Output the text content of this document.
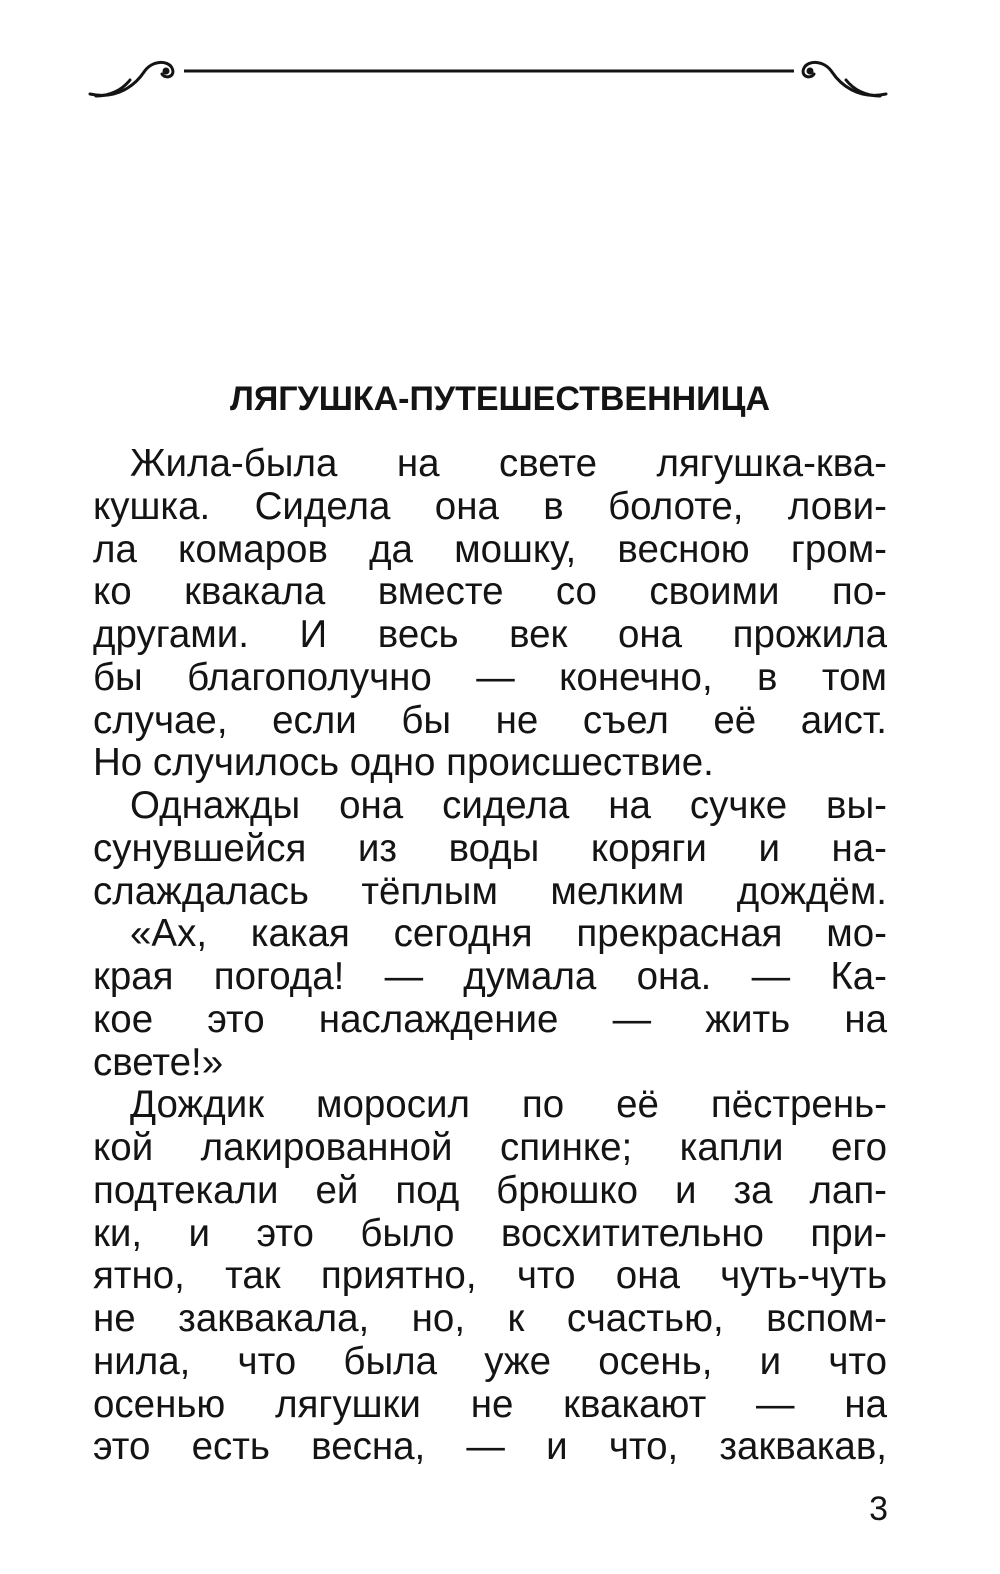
ЛЯГУШКА-ПУТЕШЕСТВЕННИЦА
Жила-была на свете лягушка-ква-
кушка. Сидела она в болоте, лови-
ла комаров да мошку, весною гром-
ко квакала вместе со своими по-
другами. И весь век она прожила
бы благополучно — конечно, в том
случае, если бы не съел её аист.
Но случилось одно происшествие.
Однажды она сидела на сучке вы-
сунувшейся из воды коряги и на-
слаждалась тёплым мелким дождём.
«Ах, какая сегодня прекрасная мо-
края погода! — думала она. — Ка-
кое это наслаждение — жить на
свете!»
Дождик моросил по её пёстрень-
кой лакированной спинке; капли его
подтекали ей под брюшко и за лап-
ки, и это было восхитительно при-
ятно, так приятно, что она чуть-чуть
не заквакала, но, к счастью, вспом-
нила, что была уже осень, и что
осенью лягушки не квакают — на
это есть весна, — и что, заквакав,

3
